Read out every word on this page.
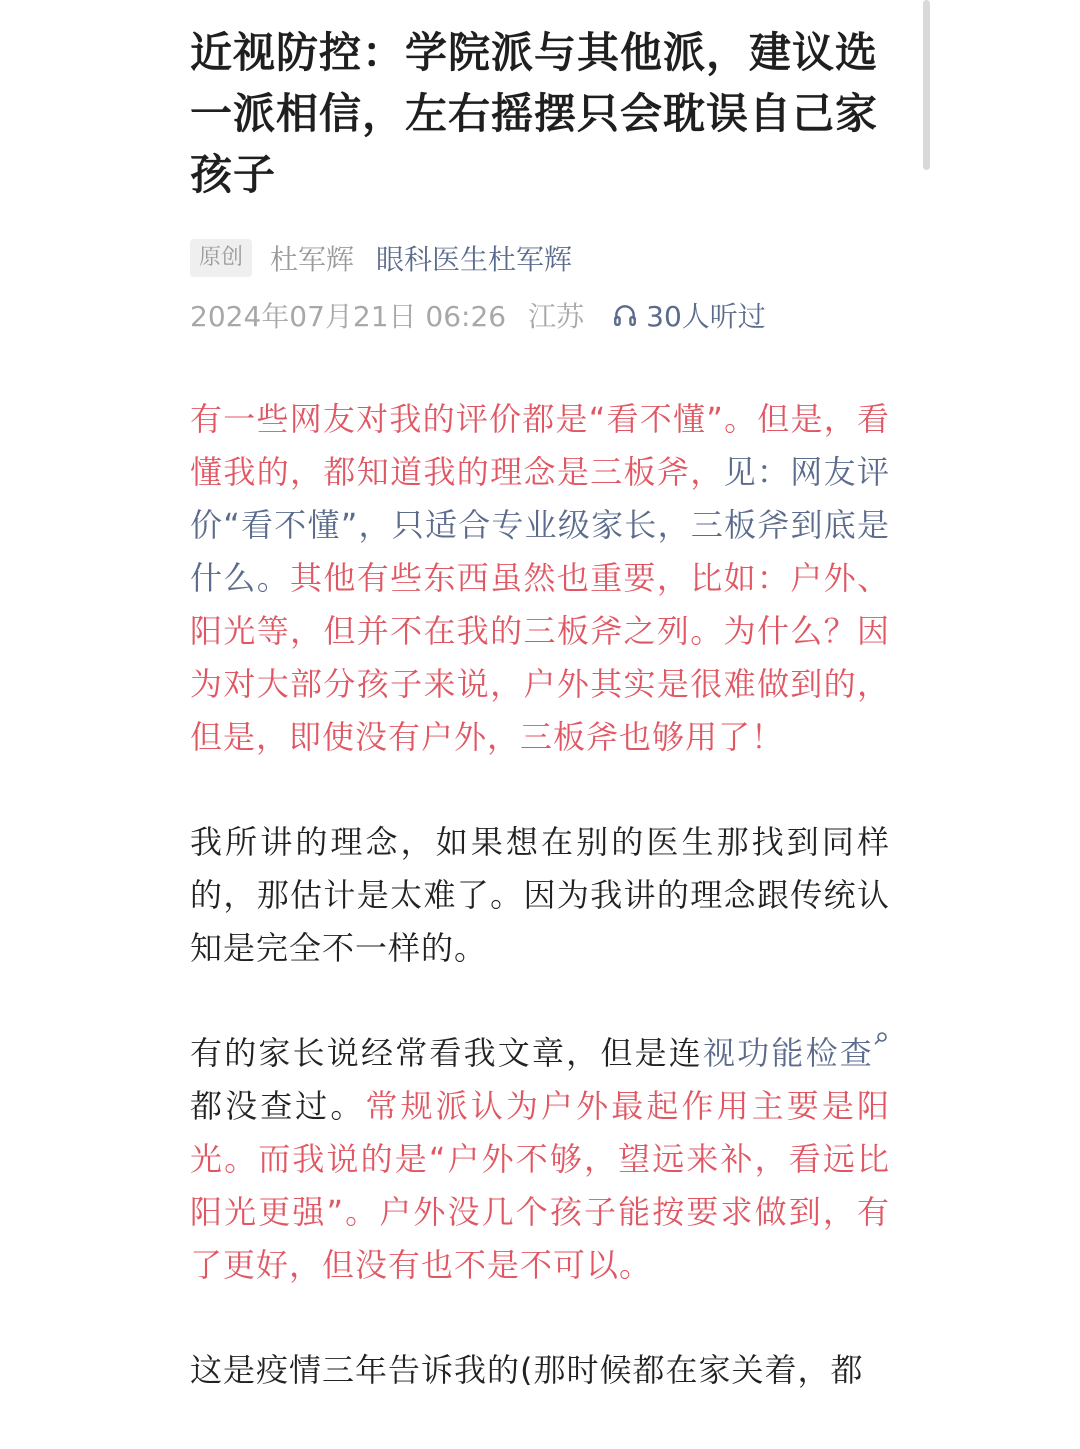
近视防控：学院派与其他派，建议选一派相信，左右摇摆只会耽误自己家孩子
原创 杜军辉 眼科医生杜军辉
2024年07月21日 06:26 江苏 30人听过

有一些网友对我的评价都是“看不懂”。但是，看懂我的，都知道我的理念是三板斧，见：网友评价“看不懂”，只适合专业级家长，三板斧到底是什么。其他有些东西虽然也重要，比如：户外、阳光等，但并不在我的三板斧之列。为什么？因为对大部分孩子来说，户外其实是很难做到的，但是，即使没有户外，三板斧也够用了！

我所讲的理念，如果想在别的医生那找到同样的，那估计是太难了。因为我讲的理念跟传统认知是完全不一样的。

有的家长说经常看我文章，但是连视功能检查都没查过。常规派认为户外最起作用主要是阳光。而我说的是“户外不够，望远来补，看远比阳光更强”。户外没几个孩子能按要求做到，有了更好，但没有也不是不可以。

这是疫情三年告诉我的(那时候都在家关着，都
